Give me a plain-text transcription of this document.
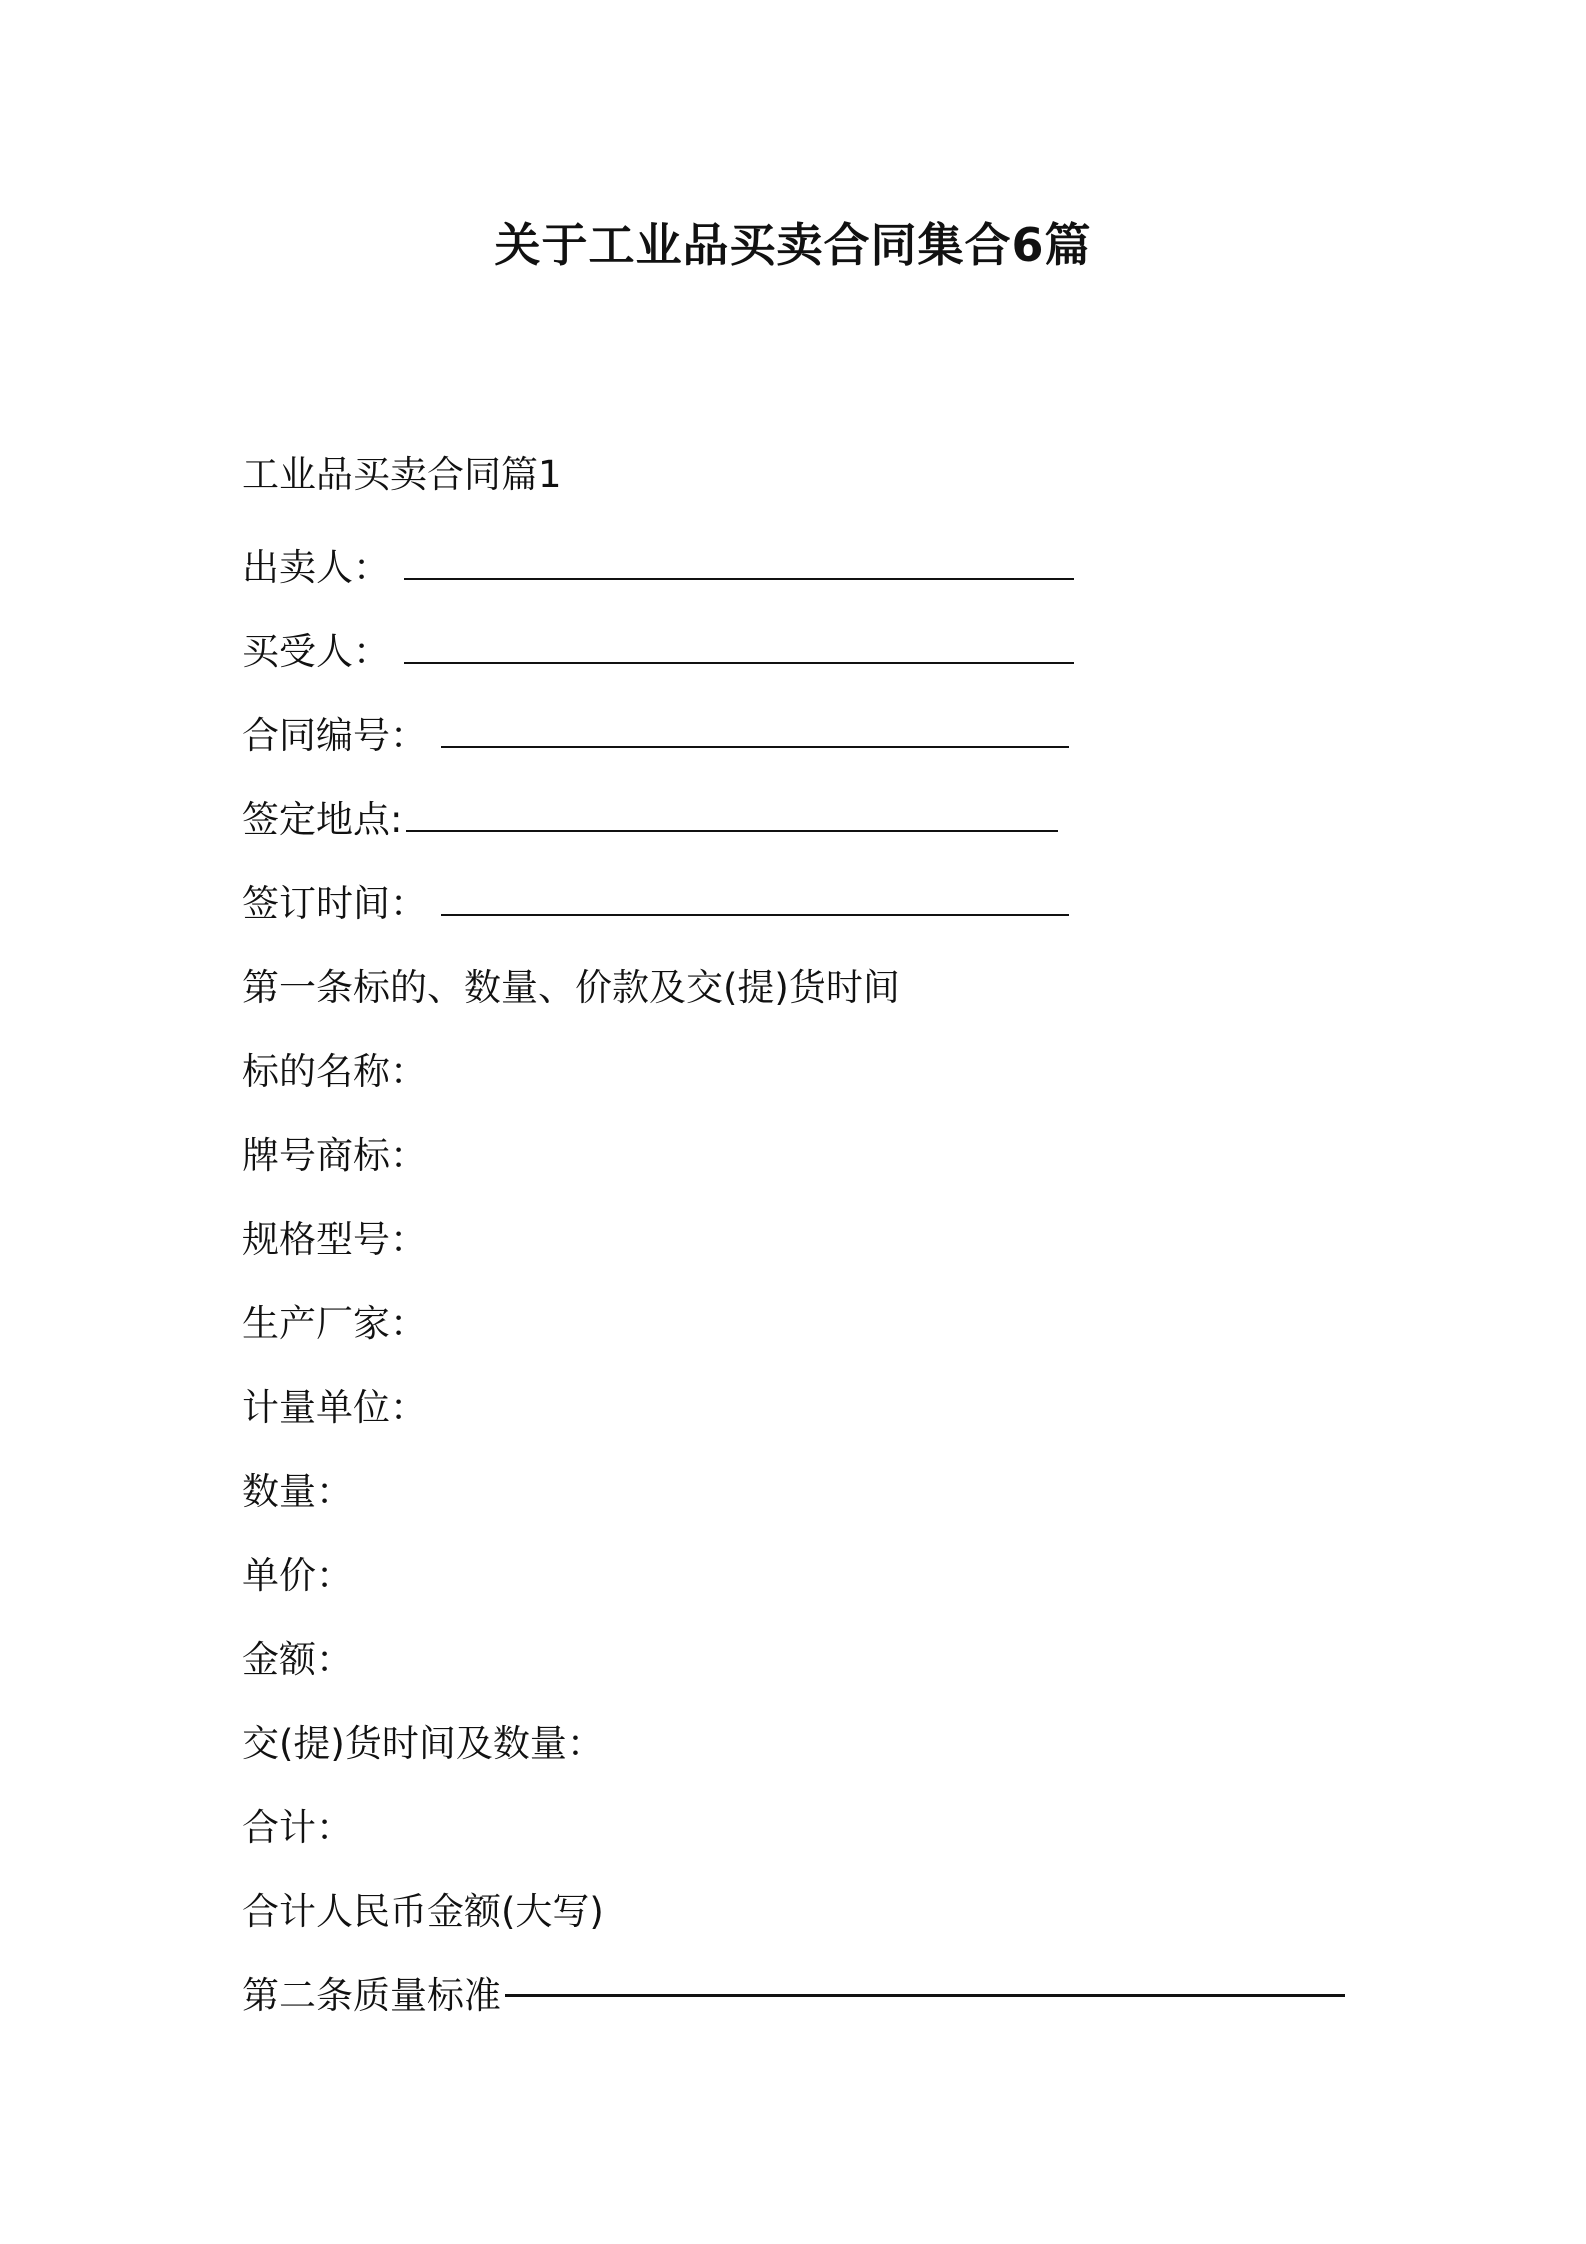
关于工业品买卖合同集合6篇
工业品买卖合同篇1
出卖人：
买受人：
合同编号：
签定地点:
签订时间：
第一条标的、数量、价款及交(提)货时间
标的名称：
牌号商标：
规格型号：
生产厂家：
计量单位：
数量：
单价：
金额：
交(提)货时间及数量：
合计：
合计人民币金额(大写)
第二条质量标准
